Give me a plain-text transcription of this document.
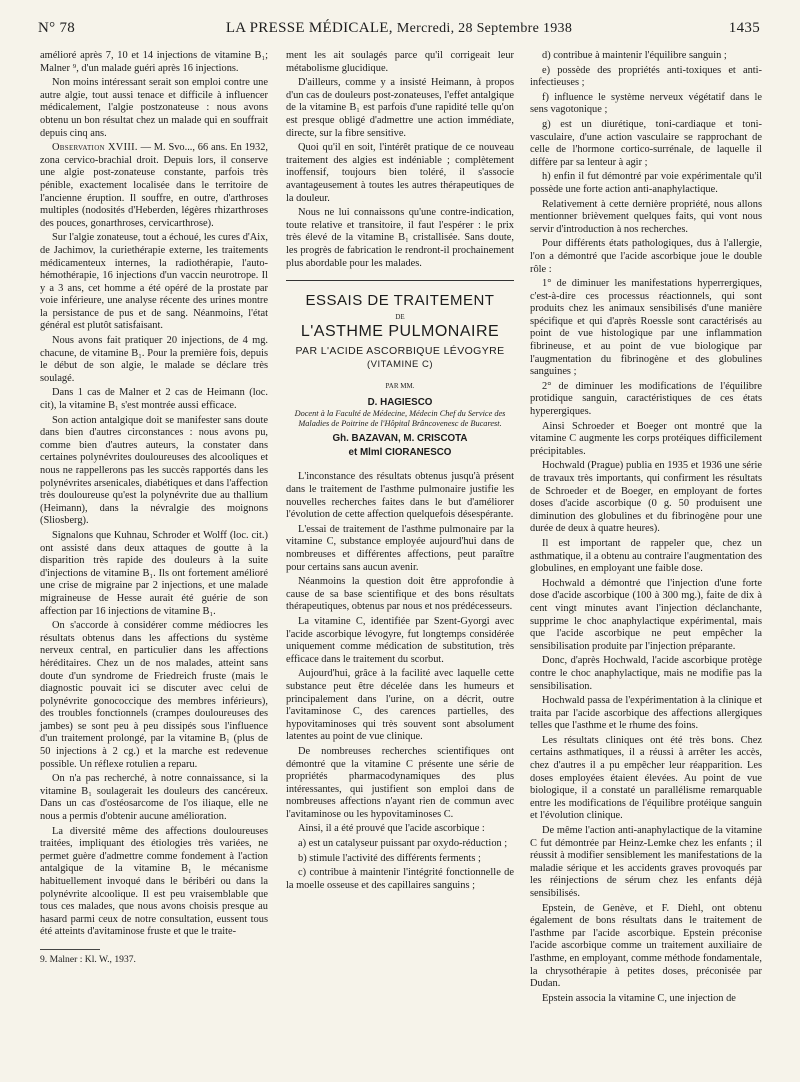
N° 78	LA PRESSE MÉDICALE, Mercredi, 28 Septembre 1938	1435

amélioré après 7, 10 et 14 injections de vitamine B₁; Malner ⁹, d'un malade guéri après 16 injections.

Non moins intéressant serait son emploi contre une autre algie, tout aussi tenace et difficile à influencer médicalement, l'algie postzonateuse : nous avons obtenu un bon résultat chez un malade qui en souffrait depuis cinq ans.

Observation XVIII. — M. Svo..., 66 ans. En 1932, zona cervico-brachial droit. Depuis lors, il conserve une algie post-zonateuse constante, parfois très pénible, exactement localisée dans le territoire de l'ancienne éruption. Il souffre, en outre, d'arthroses multiples (nodosités d'Heberden, légères rhizarthroses des pouces, gonarthroses, cervicarthrose).

Sur l'algie zonateuse, tout a échoué, les cures d'Aix, de Jachimov, la curiethérapie externe, les traitements médicamenteux internes, la radiothérapie, l'auto-hémothérapie, 16 injections d'un vaccin neurotrope. Il y a 3 ans, cet homme a été opéré de la prostate par voie inférieure, une analyse récente des urines montre la persistance de pus et de sang. Néanmoins, l'état général est plutôt satisfaisant.

Nous avons fait pratiquer 20 injections, de 4 mg. chacune, de vitamine B₁. Pour la première fois, depuis le début de son algie, le malade se déclare très soulagé.

Dans 1 cas de Malner et 2 cas de Heimann (loc. cit), la vitamine B₁ s'est montrée aussi efficace.

Son action antalgique doit se manifester sans doute dans bien d'autres circonstances : nous avons pu, comme bien d'autres auteurs, la constater dans certaines polynévrites douloureuses des alcooliques et nous ne rappellerons pas les succès rapportés dans les polynévrites arsenicales, diabétiques et dans l'affection très douloureuse qu'est la polynévrite due au thallium (Heimann), dans la névralgie des moignons (Sliosberg).

Signalons que Kuhnau, Schroder et Wolff (loc. cit.) ont assisté dans deux attaques de goutte à la disparition très rapide des douleurs à la suite d'injections de vitamine B₁. Ils ont fortement amélioré une crise de migraine par 2 injections, et une malade migraineuse de Hesse aurait été guérie de son affection par 16 injections de vitamine B₁.

On s'accorde à considérer comme médiocres les résultats obtenus dans les affections du système nerveux central, en particulier dans les affections héréditaires. Chez un de nos malades, atteint sans doute d'un syndrome de Friedreich fruste (mais le diagnostic pouvait ici se discuter avec celui de polynévrite gonococcique des membres inférieurs), des troubles fonctionnels (crampes douloureuses des jambes) se sont peu à peu dissipés sous l'influence d'un traitement prolongé, par la vitamine B₁ (plus de 50 injections à 2 cg.) et la marche est redevenue possible. Un réflexe rotulien a reparu.

On n'a pas recherché, à notre connaissance, si la vitamine B₁ soulagerait les douleurs des cancéreux. Dans un cas d'ostéosarcome de l'os iliaque, elle ne nous a permis d'obtenir aucune amélioration.

La diversité même des affections douloureuses traitées, impliquant des étiologies très variées, ne permet guère d'admettre comme fondement à l'action antalgique de la vitamine B₁ le mécanisme habituellement invoqué dans le béribéri ou dans la polynévrite alcoolique. Il est peu vraisemblable que tous ces malades, que nous avons choisis presque au hasard parmi ceux de notre consultation, eussent tous été atteints d'avitaminose fruste et que le traite-

9. Malner : Kl. W., 1937.

ment les ait soulagés parce qu'il corrigeait leur métabolisme glucidique.

D'ailleurs, comme y a insisté Heimann, à propos d'un cas de douleurs post-zonateuses, l'effet antalgique de la vitamine B₁ est parfois d'une rapidité telle qu'on est presque obligé d'admettre une action immédiate, directe, sur la fibre sensitive.

Quoi qu'il en soit, l'intérêt pratique de ce nouveau traitement des algies est indéniable ; complètement inoffensif, toujours bien toléré, il s'associe avantageusement à toutes les autres thérapeutiques de la douleur.

Nous ne lui connaissons qu'une contre-indication, toute relative et transitoire, il faut l'espérer : le prix très élevé de la vitamine B₁ cristallisée. Sans doute, les progrès de fabrication le rendront-il prochainement plus abordable pour les malades.

ESSAIS DE TRAITEMENT
DE
L'ASTHME PULMONAIRE
PAR L'ACIDE ASCORBIQUE LÉVOGYRE
(VITAMINE C)
PAR MM.
D. HAGIESCO
Docent à la Faculté de Médecine, Médecin Chef du Service des Maladies de Poitrine de l'Hôpital Brâncovenesc de Bucarest.
Gh. BAZAVAN, M. CRISCOTA
et Mlml CIORANESCO

L'inconstance des résultats obtenus jusqu'à présent dans le traitement de l'asthme pulmonaire justifie les nouvelles recherches faites dans le but d'améliorer l'évolution de cette affection quelquefois désespérante.

L'essai de traitement de l'asthme pulmonaire par la vitamine C, substance employée aujourd'hui dans de nombreuses et différentes affections, peut paraître pour certains sans aucun avenir.

Néanmoins la question doit être approfondie à cause de sa base scientifique et des bons résultats thérapeutiques, obtenus par nous et nos prédécesseurs.

La vitamine C, identifiée par Szent-Gyorgi avec l'acide ascorbique lévogyre, fut longtemps considérée uniquement comme médication de substitution, très efficace dans le traitement du scorbut.

Aujourd'hui, grâce à la facilité avec laquelle cette substance peut être décelée dans les humeurs et principalement dans l'urine, on a décrit, outre l'avitaminose C, des carences partielles, des hypovitaminoses qui très souvent sont absolument latentes au point de vue clinique.

De nombreuses recherches scientifiques ont démontré que la vitamine C présente une série de propriétés pharmacodynamiques des plus intéressantes, qui justifient son emploi dans de nombreuses affections n'ayant rien de commun avec l'avitaminose ou les hypovitaminoses C.

Ainsi, il a été prouvé que l'acide ascorbique :

a) est un catalyseur puissant par oxydo-réduction ;

b) stimule l'activité des différents ferments ;

c) contribue à maintenir l'intégrité fonctionnelle de la moelle osseuse et des capillaires sanguins ;

d) contribue à maintenir l'équilibre sanguin ;

e) possède des propriétés anti-toxiques et anti-infectieuses ;

f) influence le système nerveux végétatif dans le sens vagotonique ;

g) est un diurétique, toni-cardiaque et toni-vasculaire, d'une action vasculaire se rapprochant de celle de l'hormone cortico-surrénale, de laquelle il diffère par sa lenteur à agir ;

h) enfin il fut démontré par voie expérimentale qu'il possède une forte action anti-anaphylactique.

Relativement à cette dernière propriété, nous allons mentionner brièvement quelques faits, qui vont nous servir d'introduction à nos recherches.

Pour différents états pathologiques, dus à l'allergie, l'on a démontré que l'acide ascorbique joue le double rôle :

1° de diminuer les manifestations hyperrergiques, c'est-à-dire ces processus réactionnels, qui sont produits chez les animaux sensibilisés d'une manière spécifique et qui d'après Roessle sont caractérisés au point de vue histologique par une inflammation fibrineuse, et au point de vue biologique par l'augmentation du fibrinogène et des globulines sanguines ;

2° de diminuer les modifications de l'équilibre protidique sanguin, caractéristiques de ces états hyperergiques.

Ainsi Schroeder et Boeger ont montré que la vitamine C augmente les corps protéiques difficilement précipitables.

Hochwald (Prague) publia en 1935 et 1936 une série de travaux très importants, qui confirment les résultats de Schroeder et de Boeger, en employant de fortes doses d'acide ascorbique (0 g. 50 produisent une diminution des globulines et du fibrinogène pour une durée de deux à quatre heures).

Il est important de rappeler que, chez un asthmatique, il a obtenu au contraire l'augmentation des globulines, en employant une faible dose.

Hochwald a démontré que l'injection d'une forte dose d'acide ascorbique (100 à 300 mg.), faite de dix à cent vingt minutes avant l'injection déclanchante, supprime le choc anaphylactique expérimental, mais que l'acide ascorbique ne peut empêcher la sensibilisation produite par l'injection préparante.

Donc, d'après Hochwald, l'acide ascorbique protège contre le choc anaphylactique, mais ne modifie pas la sensibilisation.

Hochwald passa de l'expérimentation à la clinique et traita par l'acide ascorbique des affections allergiques telles que l'asthme et le rhume des foins.

Les résultats cliniques ont été très bons. Chez certains asthmatiques, il a réussi à arrêter les accès, chez d'autres il a pu empêcher leur réapparition. Les doses employées étaient élevées. Au point de vue biologique, il a constaté un parallélisme remarquable entre les modifications de l'équilibre protéique sanguin et l'évolution clinique.

De même l'action anti-anaphylactique de la vitamine C fut démontrée par Heinz-Lemke chez les enfants ; il réussit à modifier sensiblement les manifestations de la maladie sérique et les accidents graves provoqués par les réinjections de sérum chez les enfants déjà sensibilisés.

Epstein, de Genève, et F. Diehl, ont obtenu également de bons résultats dans le traitement de l'asthme par l'acide ascorbique. Epstein préconise l'acide ascorbique comme un traitement auxiliaire de l'asthme, en employant, comme méthode fondamentale, la chrysothérapie à petites doses, préconisée par Dudan.

Epstein associa la vitamine C, une injection de
